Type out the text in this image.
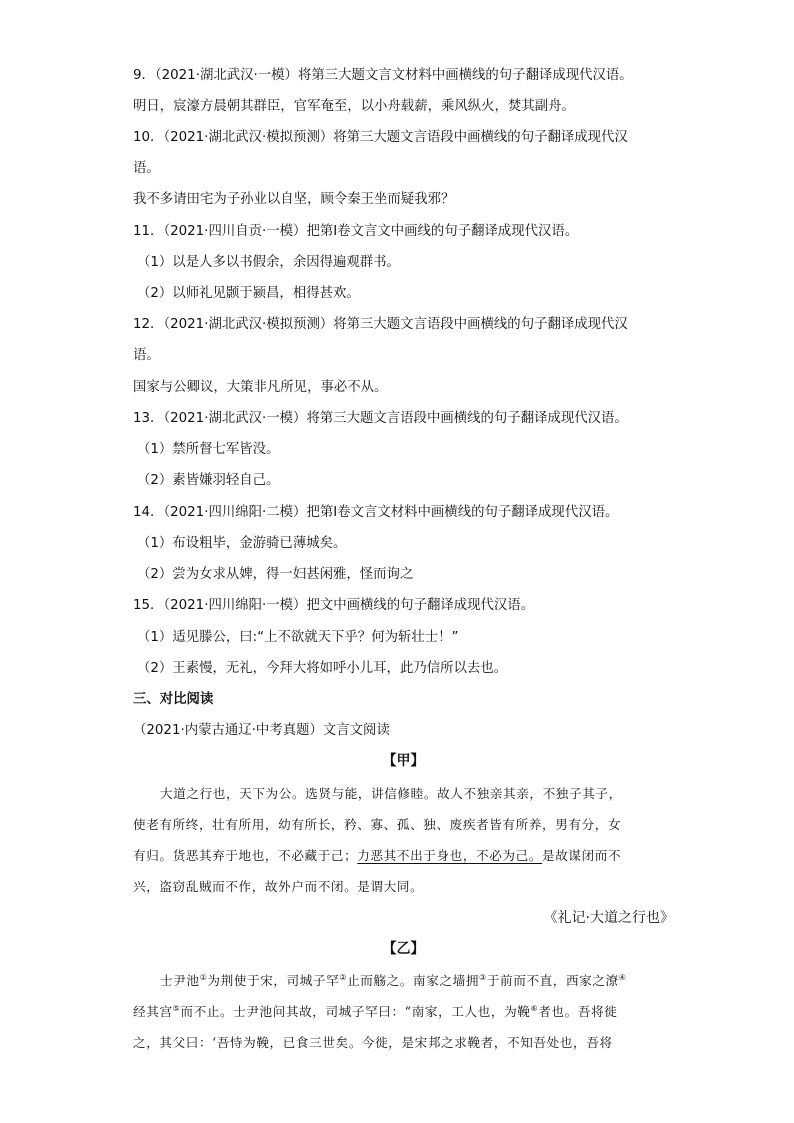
9．（2021·湖北武汉·一模）将第三大题文言文材料中画横线的句子翻译成现代汉语。
明日，宸濠方晨朝其群臣，官军奄至，以小舟载薪，乘风纵火，焚其副舟。
10．（2021·湖北武汉·模拟预测）将第三大题文言语段中画横线的句子翻译成现代汉
语。
我不多请田宅为子孙业以自坚，顾令秦王坐而疑我邪？
11．（2021·四川自贡·一模）把第Ⅰ卷文言文中画线的句子翻译成现代汉语。
（1）以是人多以书假余，余因得遍观群书。
（2）以师礼见颢于颍昌，相得甚欢。
12．（2021·湖北武汉·模拟预测）将第三大题文言语段中画横线的句子翻译成现代汉
语。
国家与公卿议，大策非凡所见，事必不从。
13．（2021·湖北武汉·一模）将第三大题文言语段中画横线的句子翻译成现代汉语。
（1）禁所督七军皆没。
（2）素皆嫌羽轻自己。
14．（2021·四川绵阳·二模）把第Ⅰ卷文言文材料中画横线的句子翻译成现代汉语。
（1）布设粗毕，金游骑已薄城矣。
（2）尝为女求从婢，得一妇甚闲雅，怪而询之
15．（2021·四川绵阳·一模）把文中画横线的句子翻译成现代汉语。
（1）适见滕公，曰:“上不欲就天下乎？何为斩壮士！”
（2）王素慢，无礼，今拜大将如呼小儿耳，此乃信所以去也。
三、对比阅读
（2021·内蒙古通辽·中考真题）文言文阅读
【甲】
大道之行也，天下为公。选贤与能，讲信修睦。故人不独亲其亲，不独子其子，
使老有所终，壮有所用，幼有所长，矜、寡、孤、独、废疾者皆有所养，男有分，女
有归。货恶其弃于地也，不必藏于己；力恶其不出于身也，不必为己。是故谋闭而不
兴，盗窃乱贼而不作，故外户而不闭。是谓大同。
《礼记·大道之行也》
【乙】
士尹池①为荆使于宋，司城子罕②止而觞之。南家之墙拥③于前而不直，西家之潦④
经其宫⑤而不止。士尹池问其故，司城子罕曰：“南家，工人也，为鞔⑥者也。吾将徙
之，其父曰：‘吾恃为鞔，已食三世矣。今徙，是宋邦之求鞔者，不知吾处也，吾将
